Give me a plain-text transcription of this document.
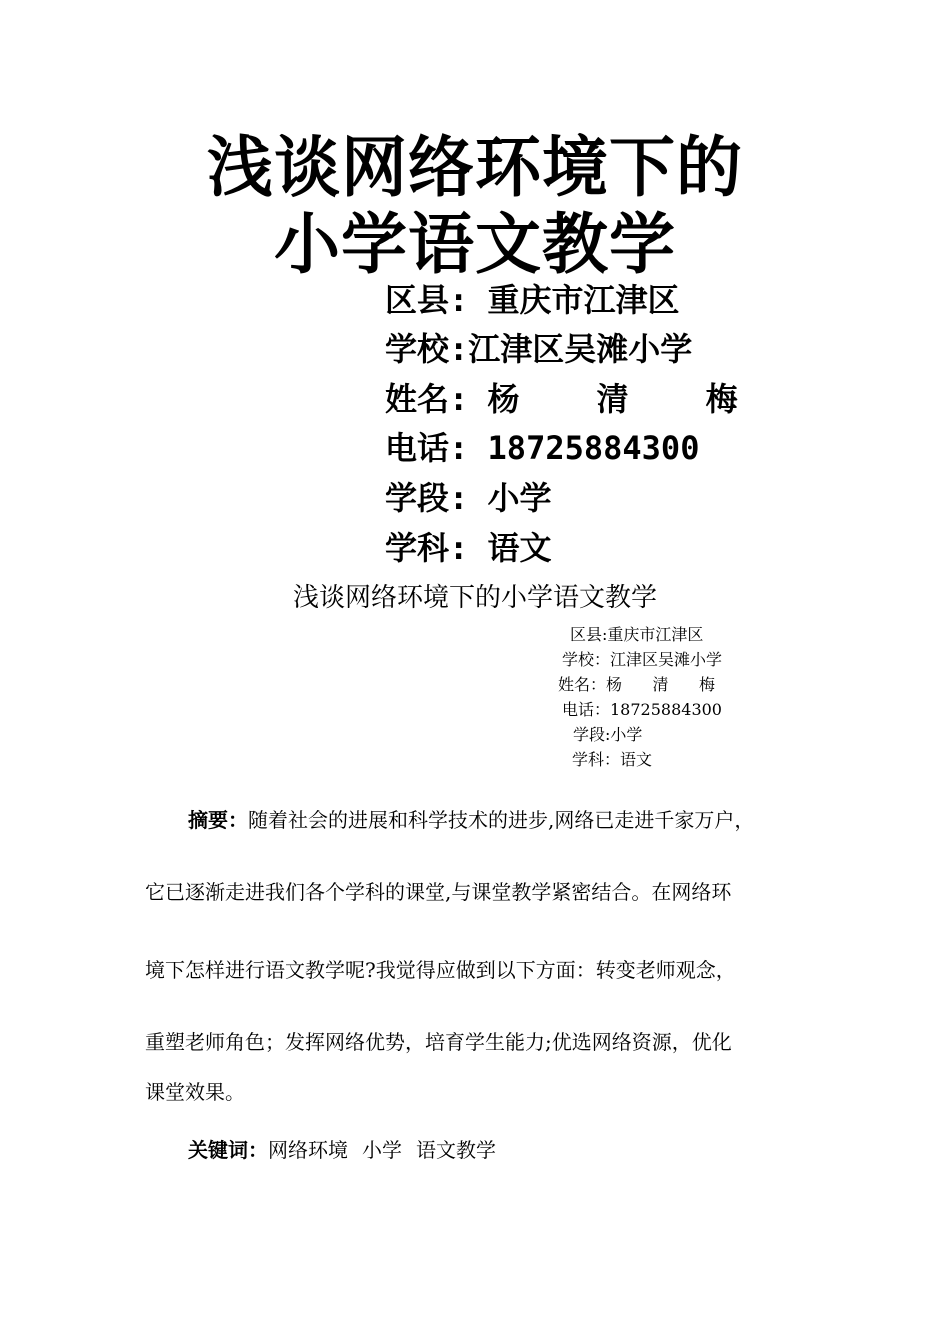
浅谈网络环境下的
小学语文教学
区县: 重庆市江津区
学校:江津区吴滩小学
姓名: 杨    清    梅
电话: 18725884300
学段: 小学
学科: 语文
浅谈网络环境下的小学语文教学
区县:重庆市江津区
学校：江津区吴滩小学
姓名：杨      清      梅
电话：18725884300
学段:小学
学科：语文
摘要：随着社会的进展和科学技术的进步,网络已走进千家万户，
它已逐渐走进我们各个学科的课堂,与课堂教学紧密结合。在网络环
境下怎样进行语文教学呢?我觉得应做到以下方面：转变老师观念，
重塑老师角色；发挥网络优势，培育学生能力;优选网络资源，优化
课堂效果。
关键词：网络环境 小学 语文教学
